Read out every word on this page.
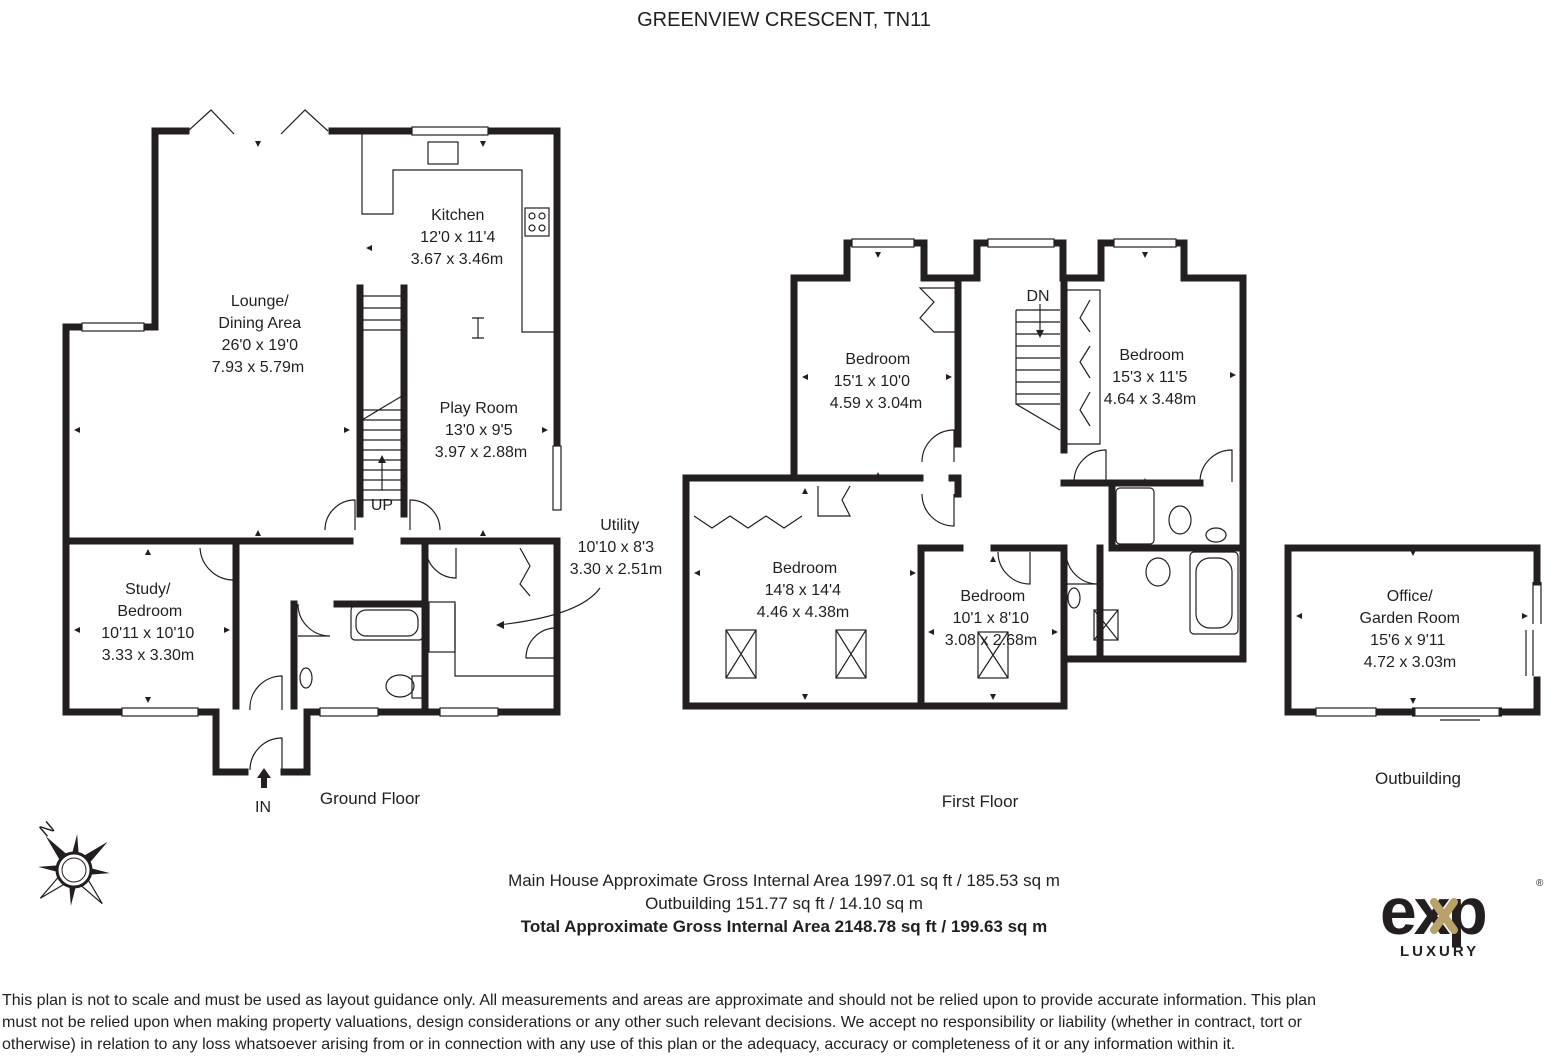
GREENVIEW CRESCENT, TN11
Kitchen 12'0 x 11'4 3.67 x 3.46m
Lounge/ Dining Area 26'0 x 19'0 7.93 x 5.79m
Play Room 13'0 x 9'5 3.97 x 2.88m
Utility 10'10 x 8'3 3.30 x 2.51m
Study/ Bedroom 10'11 x 10'10 3.33 x 3.30m
UP
IN	Ground Floor
Bedroom 15'1 x 10'0 4.59 x 3.04m
Bedroom 15'3 x 11'5 4.64 x 3.48m
Bedroom 14'8 x 14'4 4.46 x 4.38m
Bedroom 10'1 x 8'10 3.08 x 2.68m
DN
First Floor
Office/ Garden Room 15'6 x 9'11 4.72 x 3.03m
Outbuilding
N
Main House Approximate Gross Internal Area 1997.01 sq ft / 185.53 sq m
Outbuilding 151.77 sq ft / 14.10 sq m
Total Approximate Gross Internal Area 2148.78 sq ft / 199.63 sq m	exp	®
LUXURY

This plan is not to scale and must be used as layout guidance only. All measurements and areas are approximate and should not be relied upon to provide accurate information. This plan

must not be relied upon when making property valuations, design considerations or any other such relevant decisions. We accept no responsibility or liability (whether in contract, tort or

otherwise) in relation to any loss whatsoever arising from or in connection with any use of this plan or the adequacy, accuracy or completeness of it or any information within it.
